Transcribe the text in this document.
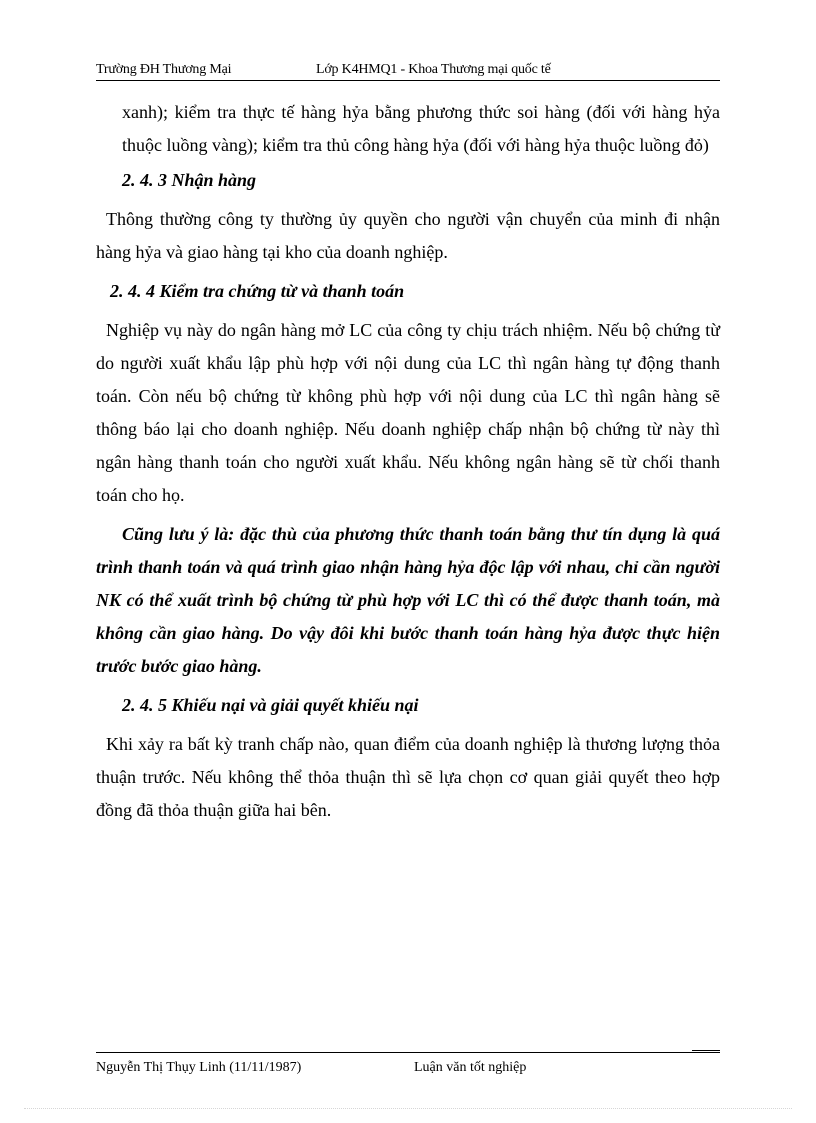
Trường ĐH Thương Mại	Lớp K4HMQ1 - Khoa Thương mại quốc tế

xanh); kiểm tra thực tế hàng hỷa bằng phương thức soi hàng (đối với hàng hỷa thuộc luồng vàng); kiểm tra thủ công hàng hỷa (đối với hàng hỷa thuộc luồng đỏ)

2. 4. 3 Nhận hàng

Thông thường công ty thường ủy quyền cho người vận chuyển của minh đi nhận hàng hỷa và giao hàng tại kho của doanh nghiệp.

2. 4. 4 Kiểm tra chứng từ và thanh toán

Nghiệp vụ này do ngân hàng mở LC của công ty chịu trách nhiệm. Nếu bộ chứng từ do người xuất khẩu lập phù hợp với nội dung của LC thì ngân hàng tự động thanh toán. Còn nếu bộ chứng từ không phù hợp với nội dung của LC thì ngân hàng sẽ thông báo lại cho doanh nghiệp. Nếu doanh nghiệp chấp nhận bộ chứng từ này thì ngân hàng thanh toán cho người xuất khẩu. Nếu không ngân hàng sẽ từ chối thanh toán cho họ.

Cũng lưu ý là: đặc thù của phương thức thanh toán bằng thư tín dụng là quá trình thanh toán và quá trình giao nhận hàng hỷa độc lập với nhau, chỉ cần người NK có thể xuất trình bộ chứng từ phù hợp với LC thì có thể được thanh toán, mà không cần giao hàng. Do vậy đôi khi bước thanh toán hàng hỷa được thực hiện trước bước giao hàng.

2. 4. 5 Khiếu nại và giải quyết khiếu nại

Khi xảy ra bất kỳ tranh chấp nào, quan điểm của doanh nghiệp là thương lượng thỏa thuận trước. Nếu không thể thỏa thuận thì sẽ lựa chọn cơ quan giải quyết theo hợp đồng đã thỏa thuận giữa hai bên.

Nguyễn Thị Thụy Linh (11/11/1987)	Luận văn tốt nghiệp
